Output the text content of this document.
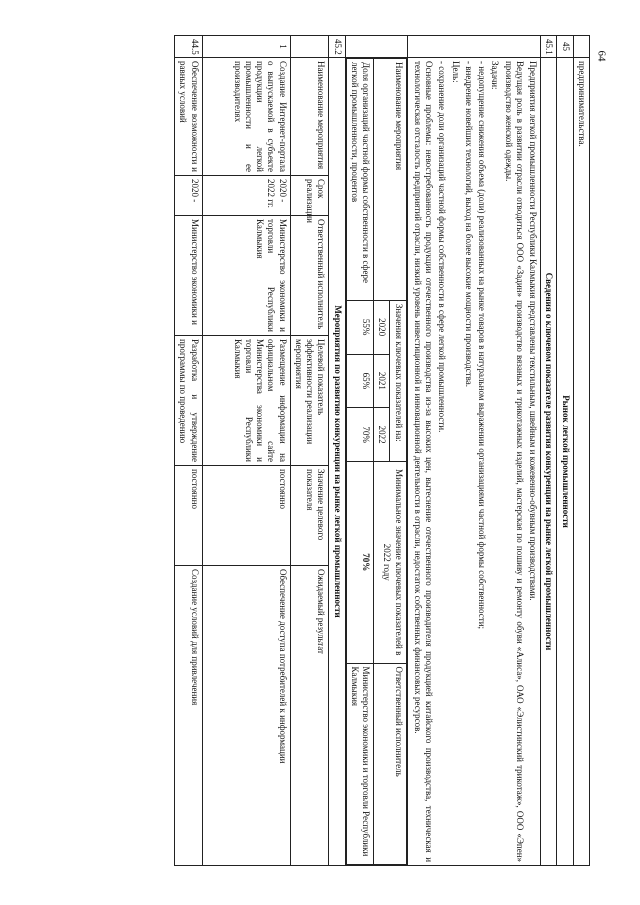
64
	предпринимательства.
45	Рынок легкой промышленности
45.1	Сведения о ключевом показателе развития конкуренции на рынке легкой промышленности

Предприятия легкой промышленности Республики Калмыкия представлены текстильным, швейным и кожевенно-обувным производствами.

Ведущая роль в развитии отрасли отводиться ООО «Задин» производство вязаных и трикотажных изделий, мастерская по пошиву и ремонту обуви «Алиса», ОАО «Элистинский трикотаж», ООО «Эпен» производство женской одежды.

Задачи:

- недопущение снижения объема (доли) реализованных на рынке товаров в натуральном выражении организациями частной формы собственности;

- внедрение новейших технологий, выход на более высокие мощности производства.

Цель:

- сохранение доли организаций частной формы собственности в сфере легкой промышленности.

Основные проблемы: невостребованность продукции отечественного производства из-за высоких цен, вытеснение отечественного производителя продукцией китайского производства, техническая и технологическая отсталость предприятий отрасли, низкий уровень инвестиционной и инновационной деятельности в отрасли, недостаток собственных финансовых ресурсов.

Наименование мероприятия	Значения ключевых показателей на:	Минимальное значение ключевых показателей в 2022 году	Ответственный исполнитель
2020	2021	2022
Доля организаций частной формы собственности в сфере легкой промышленности, процентов	55%	65%	70%	70%	Министерство экономики и торговли Республики Калмыкия

45.2	Мероприятия по развитию конкуренции на рынке легкой промышленности
	Наименование мероприятия	Срок реализации	Ответственный исполнитель	Целевой показатель эффективности реализации мероприятия	Значение целевого показателя	Ожидаемый результат
1	Создание Интернет-портала о выпускаемой в субъекте продукции легкой промышленности и ее производителях	2020 - 2022 гг.	Министерство экономики и торговли Республики Калмыкия	Размещение информации на официальном сайте Министерства экономики и торговли Республики Калмыкия	постоянно	Обеспечение доступа потребителей к информации
44.5	Обеспечение возможности и равных условий	2020 -	Министерство экономики и	Разработка и утверждение программы по проведению	постоянно	Создание условий для привлечения
